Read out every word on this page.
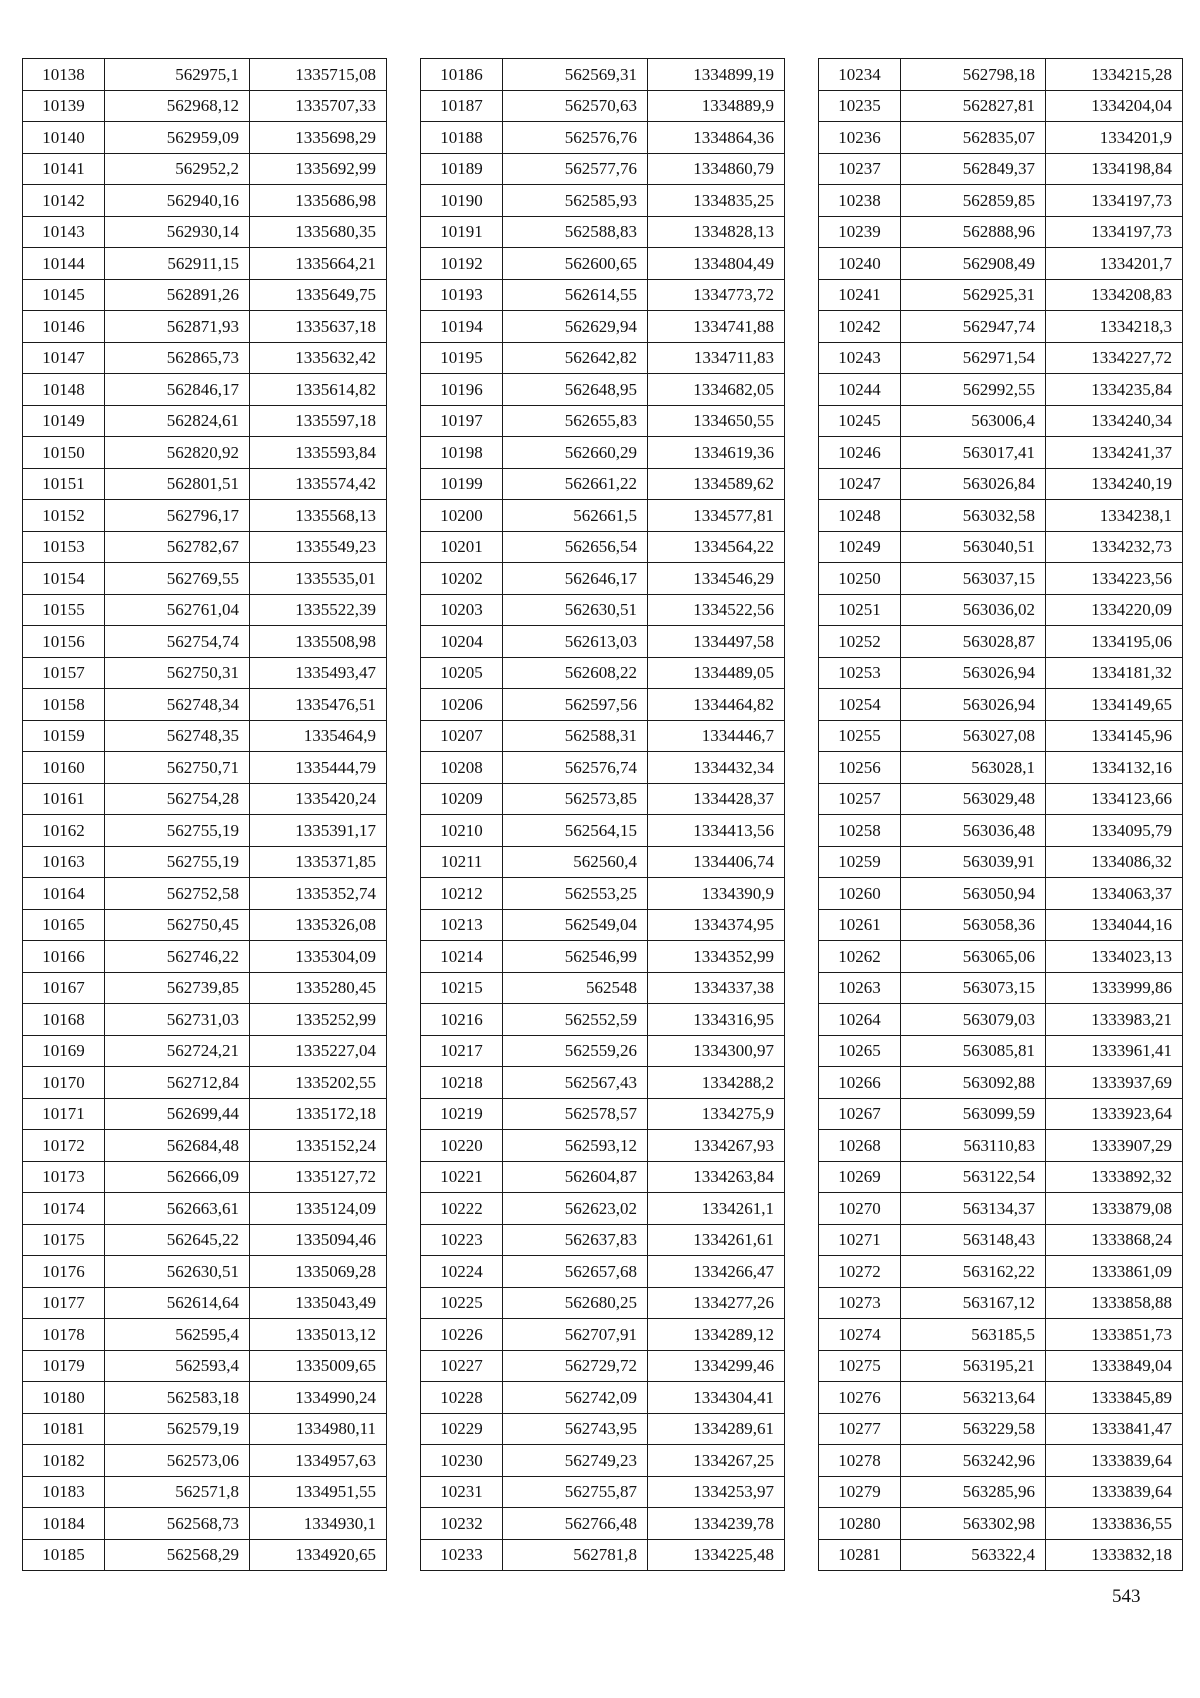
10138	562975,1	1335715,08
10139	562968,12	1335707,33
10140	562959,09	1335698,29
10141	562952,2	1335692,99
10142	562940,16	1335686,98
10143	562930,14	1335680,35
10144	562911,15	1335664,21
10145	562891,26	1335649,75
10146	562871,93	1335637,18
10147	562865,73	1335632,42
10148	562846,17	1335614,82
10149	562824,61	1335597,18
10150	562820,92	1335593,84
10151	562801,51	1335574,42
10152	562796,17	1335568,13
10153	562782,67	1335549,23
10154	562769,55	1335535,01
10155	562761,04	1335522,39
10156	562754,74	1335508,98
10157	562750,31	1335493,47
10158	562748,34	1335476,51
10159	562748,35	1335464,9
10160	562750,71	1335444,79
10161	562754,28	1335420,24
10162	562755,19	1335391,17
10163	562755,19	1335371,85
10164	562752,58	1335352,74
10165	562750,45	1335326,08
10166	562746,22	1335304,09
10167	562739,85	1335280,45
10168	562731,03	1335252,99
10169	562724,21	1335227,04
10170	562712,84	1335202,55
10171	562699,44	1335172,18
10172	562684,48	1335152,24
10173	562666,09	1335127,72
10174	562663,61	1335124,09
10175	562645,22	1335094,46
10176	562630,51	1335069,28
10177	562614,64	1335043,49
10178	562595,4	1335013,12
10179	562593,4	1335009,65
10180	562583,18	1334990,24
10181	562579,19	1334980,11
10182	562573,06	1334957,63
10183	562571,8	1334951,55
10184	562568,73	1334930,1
10185	562568,29	1334920,65
10186	562569,31	1334899,19
10187	562570,63	1334889,9
10188	562576,76	1334864,36
10189	562577,76	1334860,79
10190	562585,93	1334835,25
10191	562588,83	1334828,13
10192	562600,65	1334804,49
10193	562614,55	1334773,72
10194	562629,94	1334741,88
10195	562642,82	1334711,83
10196	562648,95	1334682,05
10197	562655,83	1334650,55
10198	562660,29	1334619,36
10199	562661,22	1334589,62
10200	562661,5	1334577,81
10201	562656,54	1334564,22
10202	562646,17	1334546,29
10203	562630,51	1334522,56
10204	562613,03	1334497,58
10205	562608,22	1334489,05
10206	562597,56	1334464,82
10207	562588,31	1334446,7
10208	562576,74	1334432,34
10209	562573,85	1334428,37
10210	562564,15	1334413,56
10211	562560,4	1334406,74
10212	562553,25	1334390,9
10213	562549,04	1334374,95
10214	562546,99	1334352,99
10215	562548	1334337,38
10216	562552,59	1334316,95
10217	562559,26	1334300,97
10218	562567,43	1334288,2
10219	562578,57	1334275,9
10220	562593,12	1334267,93
10221	562604,87	1334263,84
10222	562623,02	1334261,1
10223	562637,83	1334261,61
10224	562657,68	1334266,47
10225	562680,25	1334277,26
10226	562707,91	1334289,12
10227	562729,72	1334299,46
10228	562742,09	1334304,41
10229	562743,95	1334289,61
10230	562749,23	1334267,25
10231	562755,87	1334253,97
10232	562766,48	1334239,78
10233	562781,8	1334225,48
10234	562798,18	1334215,28
10235	562827,81	1334204,04
10236	562835,07	1334201,9
10237	562849,37	1334198,84
10238	562859,85	1334197,73
10239	562888,96	1334197,73
10240	562908,49	1334201,7
10241	562925,31	1334208,83
10242	562947,74	1334218,3
10243	562971,54	1334227,72
10244	562992,55	1334235,84
10245	563006,4	1334240,34
10246	563017,41	1334241,37
10247	563026,84	1334240,19
10248	563032,58	1334238,1
10249	563040,51	1334232,73
10250	563037,15	1334223,56
10251	563036,02	1334220,09
10252	563028,87	1334195,06
10253	563026,94	1334181,32
10254	563026,94	1334149,65
10255	563027,08	1334145,96
10256	563028,1	1334132,16
10257	563029,48	1334123,66
10258	563036,48	1334095,79
10259	563039,91	1334086,32
10260	563050,94	1334063,37
10261	563058,36	1334044,16
10262	563065,06	1334023,13
10263	563073,15	1333999,86
10264	563079,03	1333983,21
10265	563085,81	1333961,41
10266	563092,88	1333937,69
10267	563099,59	1333923,64
10268	563110,83	1333907,29
10269	563122,54	1333892,32
10270	563134,37	1333879,08
10271	563148,43	1333868,24
10272	563162,22	1333861,09
10273	563167,12	1333858,88
10274	563185,5	1333851,73
10275	563195,21	1333849,04
10276	563213,64	1333845,89
10277	563229,58	1333841,47
10278	563242,96	1333839,64
10279	563285,96	1333839,64
10280	563302,98	1333836,55
10281	563322,4	1333832,18
543
